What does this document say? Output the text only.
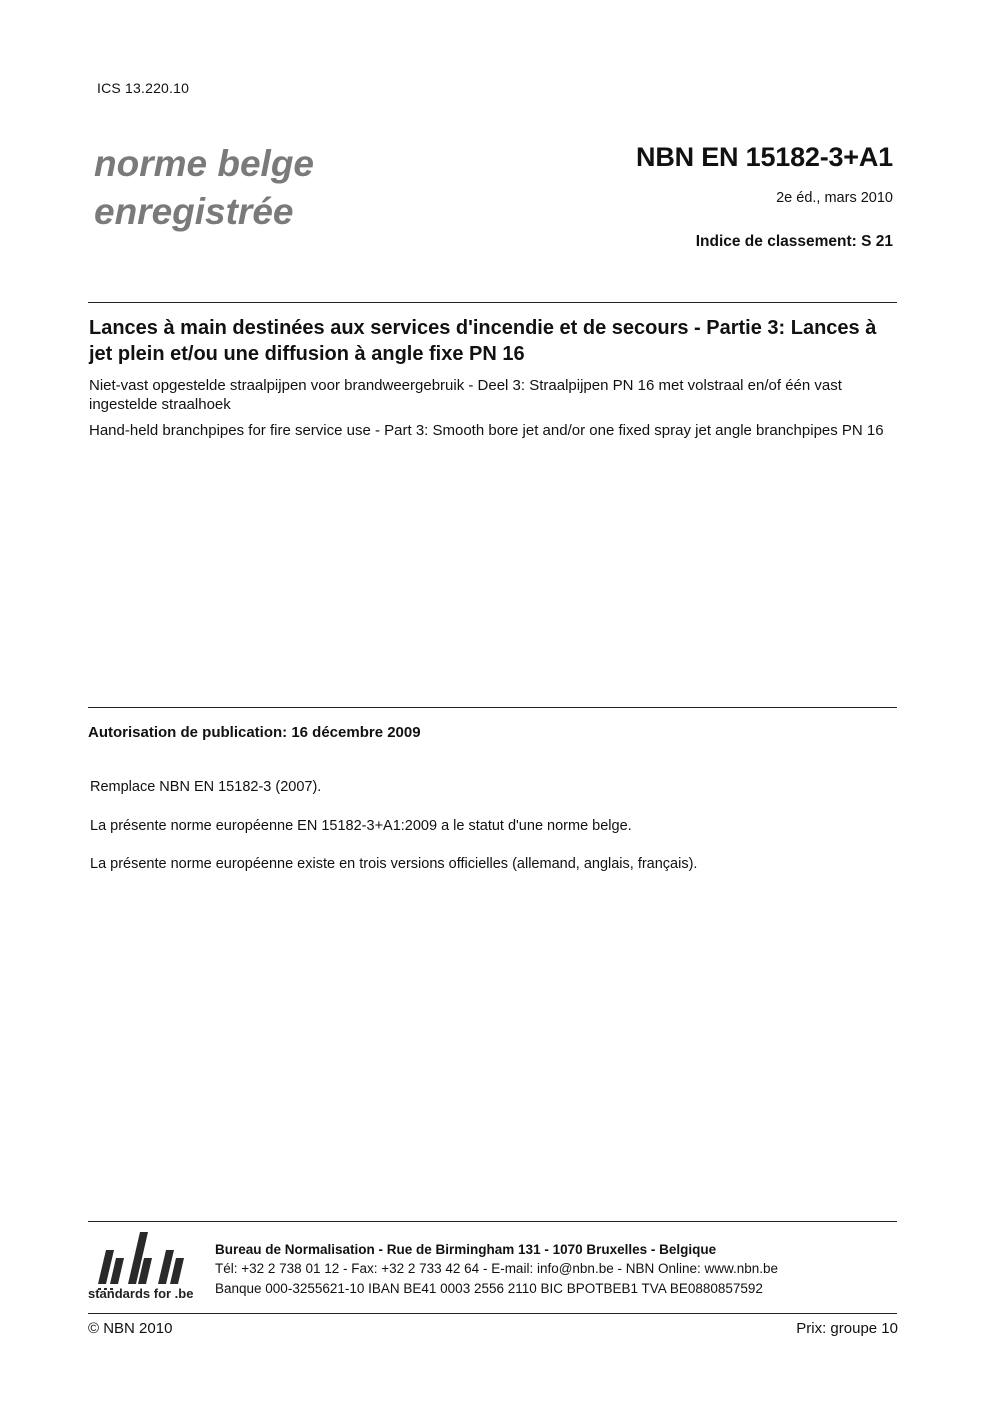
ICS 13.220.10
norme belge
enregistrée
NBN EN 15182-3+A1
2e éd., mars 2010
Indice de classement: S 21
Lances à main destinées aux services d'incendie et de secours - Partie 3: Lances à jet plein et/ou une diffusion à angle fixe PN 16
Niet-vast opgestelde straalpijpen voor brandweergebruik - Deel 3: Straalpijpen PN 16 met volstraal en/of één vast ingestelde straalhoek
Hand-held branchpipes for fire service use - Part 3: Smooth bore jet and/or one fixed spray jet angle branchpipes PN 16
Autorisation de publication: 16 décembre 2009
Remplace NBN EN 15182-3 (2007).
La présente norme européenne EN 15182-3+A1:2009 a le statut d'une norme belge.
La présente norme européenne existe en trois versions officielles (allemand, anglais, français).
standards for .be
Bureau de Normalisation - Rue de Birmingham 131 - 1070 Bruxelles - Belgique
Tél: +32 2 738 01 12 - Fax: +32 2 733 42 64 - E-mail: info@nbn.be - NBN Online: www.nbn.be
Banque 000-3255621-10 IBAN BE41 0003 2556 2110 BIC BPOTBEB1 TVA BE0880857592
© NBN 2010	Prix: groupe 10
